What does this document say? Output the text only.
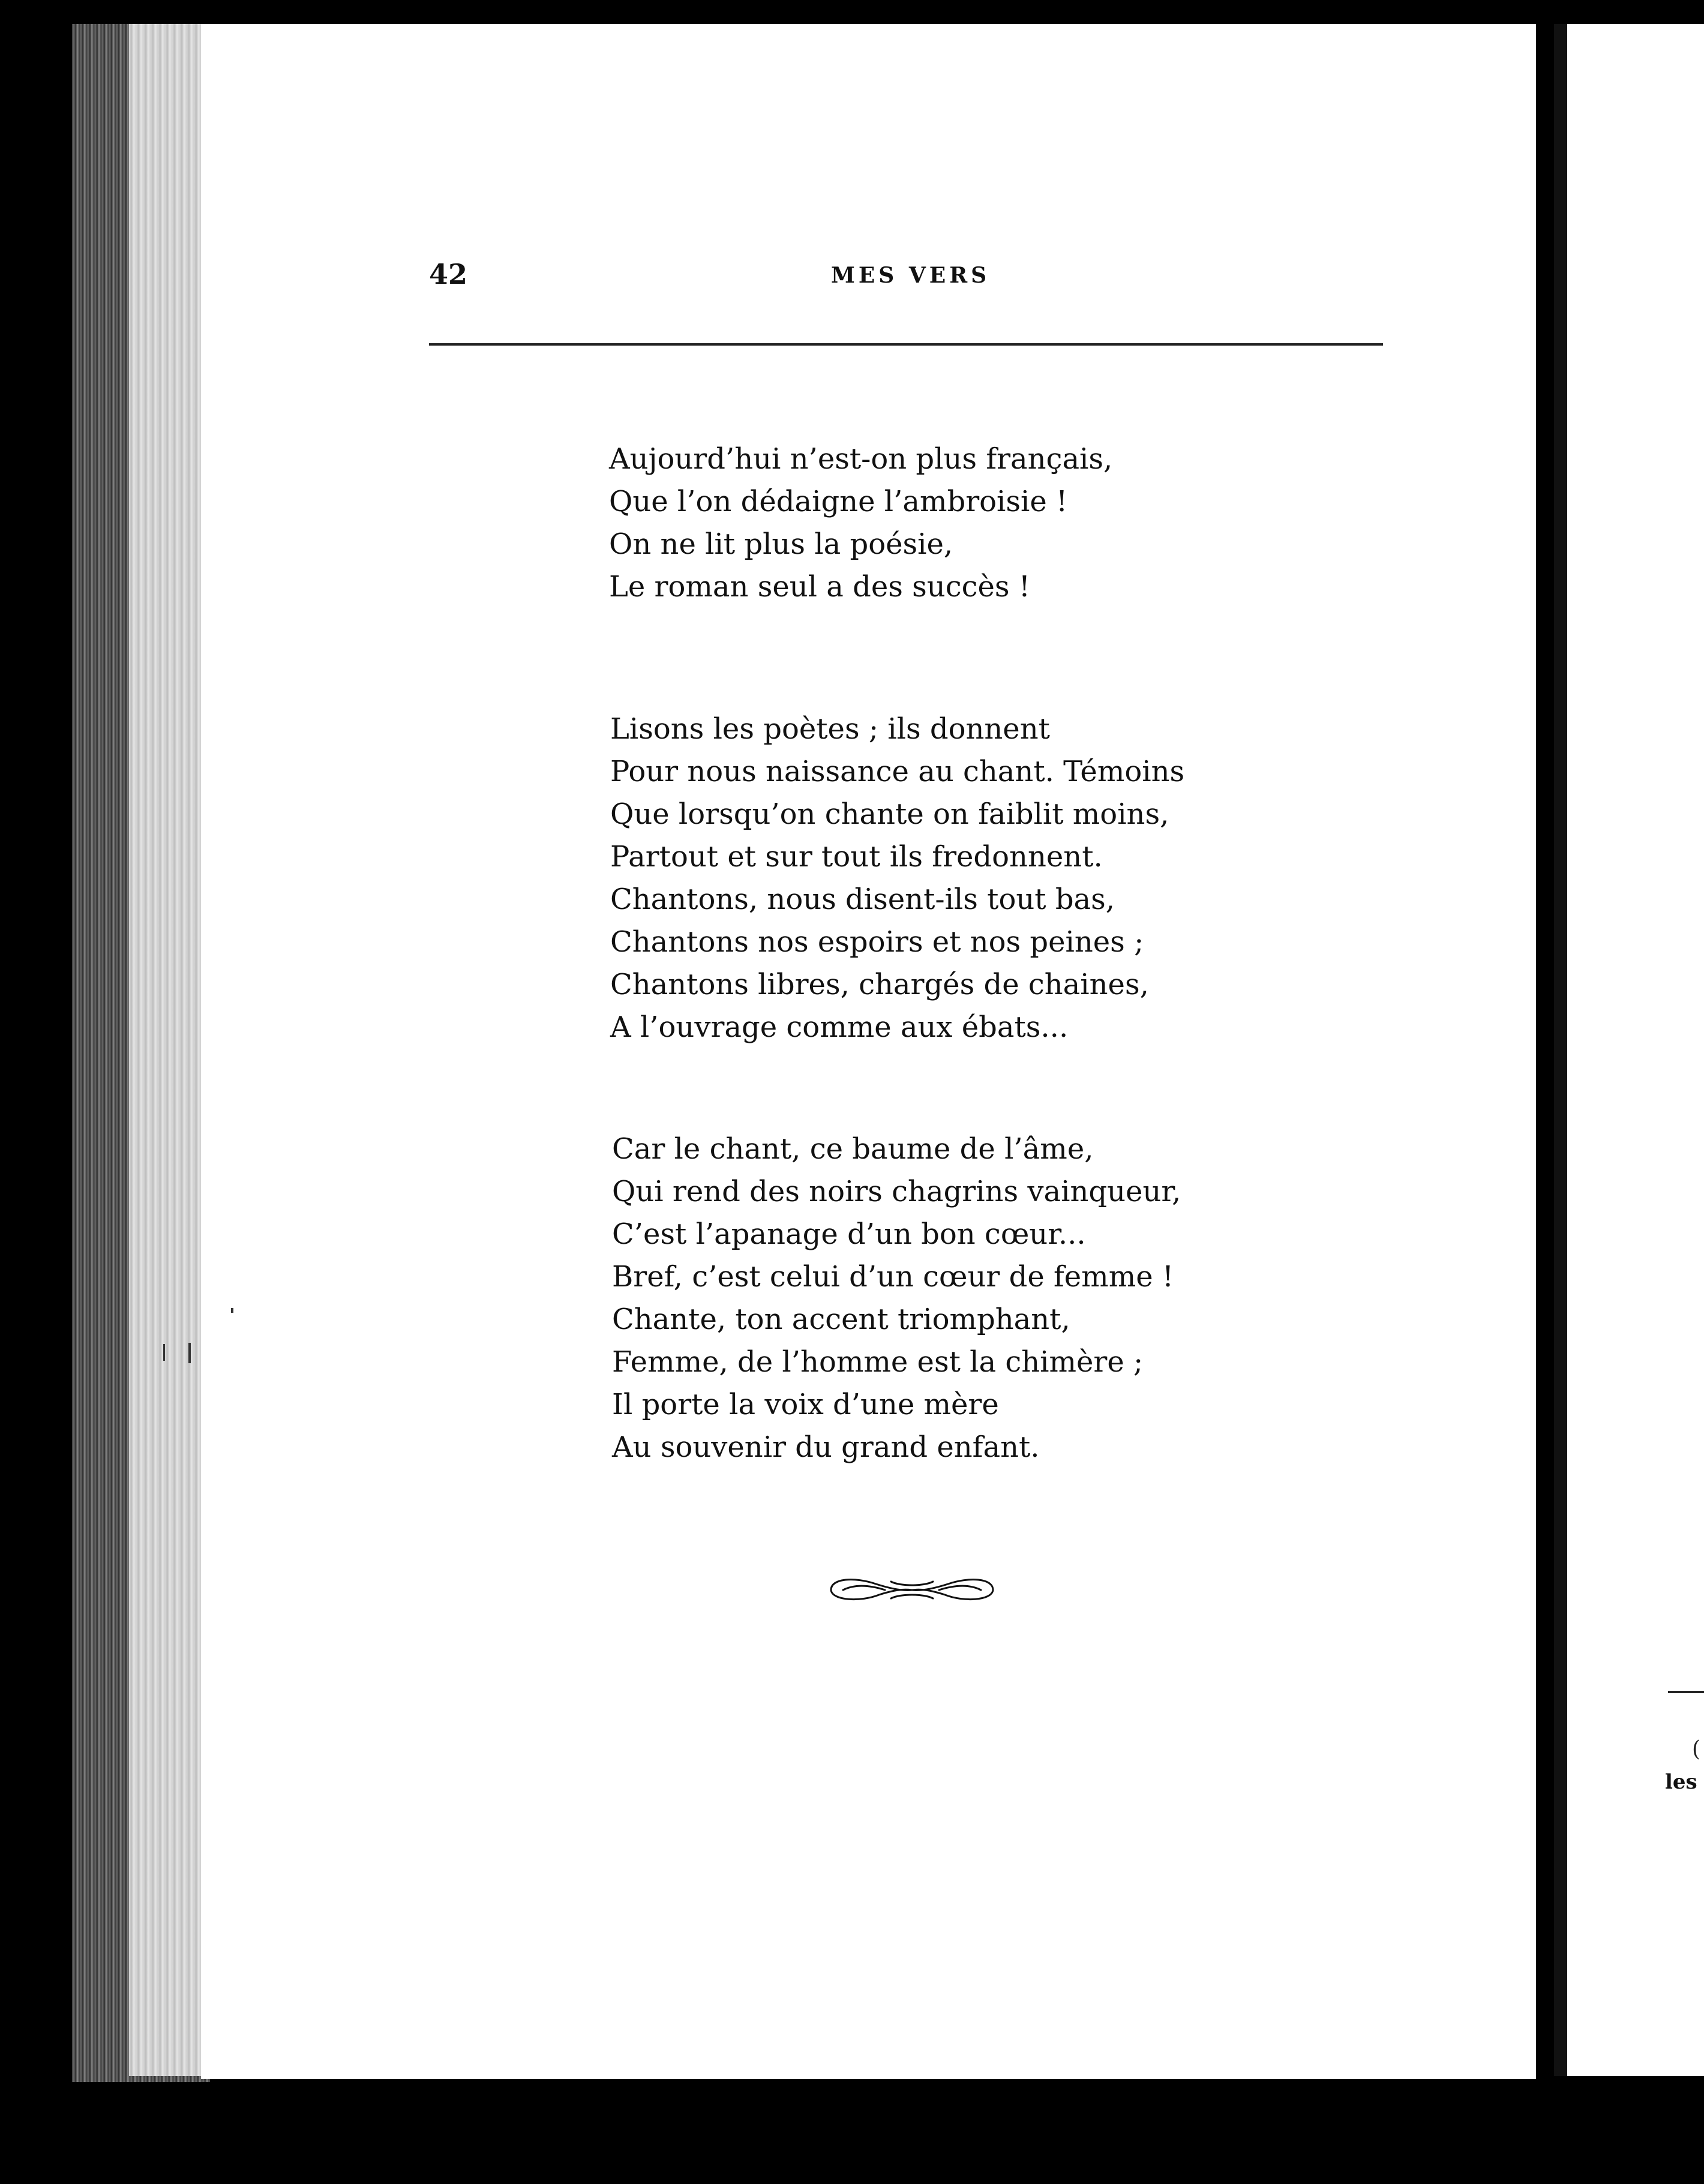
(
les
42	MES VERS
Aujourd’hui n’est-on plus français,
Que l’on dédaigne l’ambroisie !
On ne lit plus la poésie,
Le roman seul a des succès !
Lisons les poètes ; ils donnent
Pour nous naissance au chant. Témoins
Que lorsqu’on chante on faiblit moins,
Partout et sur tout ils fredonnent.
Chantons, nous disent-ils tout bas,
Chantons nos espoirs et nos peines ;
Chantons libres, chargés de chaines,
A l’ouvrage comme aux ébats...
Car le chant, ce baume de l’âme,
Qui rend des noirs chagrins vainqueur,
C’est l’apanage d’un bon cœur...
Bref, c’est celui d’un cœur de femme !
Chante, ton accent triomphant,
Femme, de l’homme est la chimère ;
Il porte la voix d’une mère
Au souvenir du grand enfant.
